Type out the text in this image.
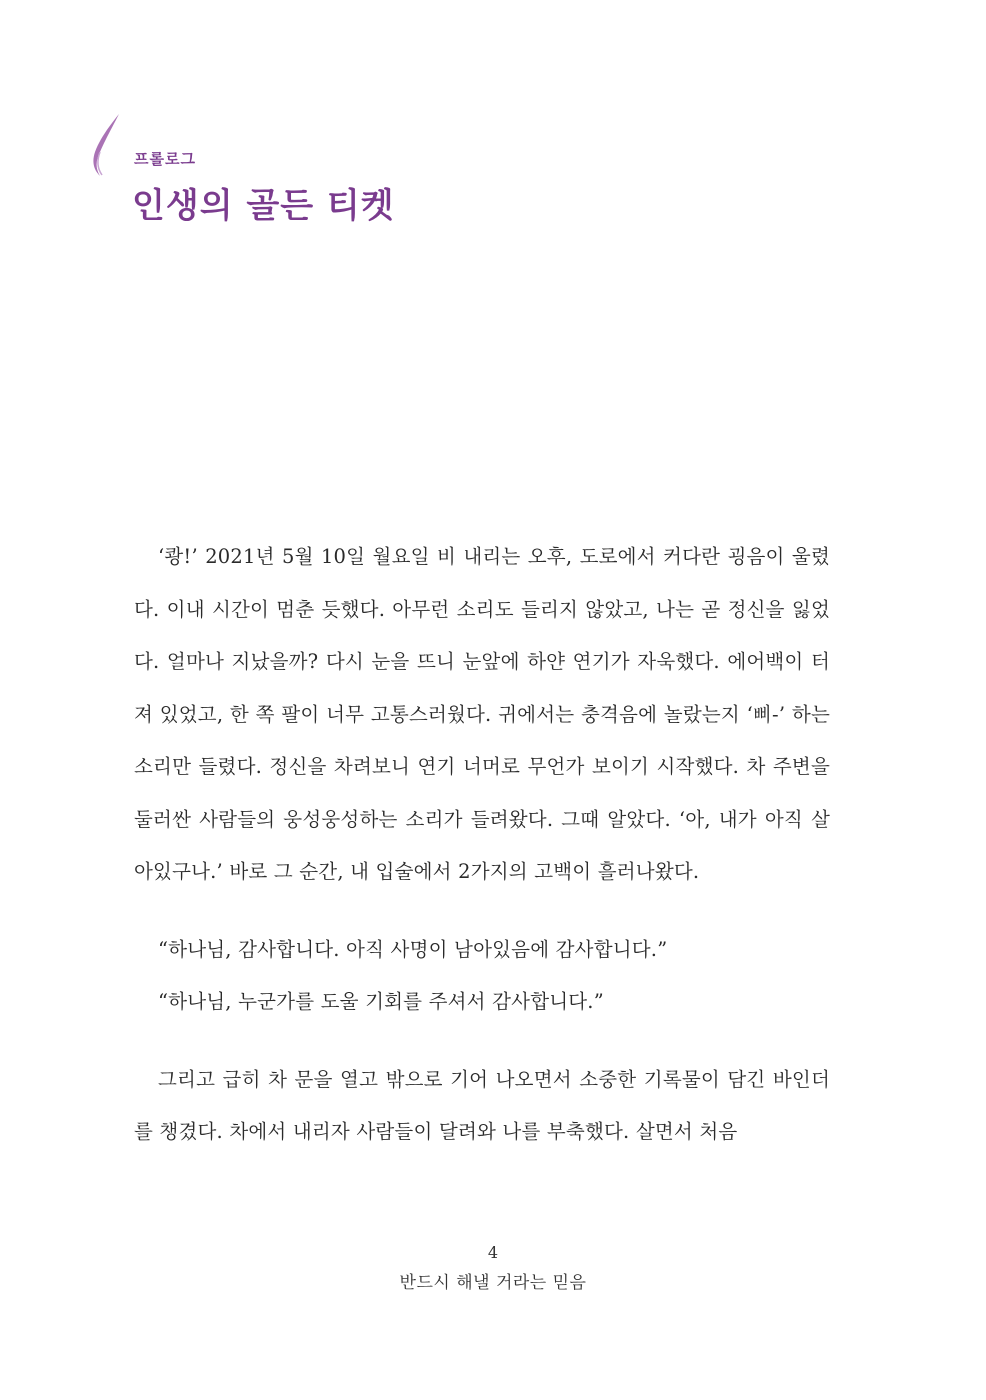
프롤로그
인생의 골든 티켓

‘쾅!’ 2021년 5월 10일 월요일 비 내리는 오후, 도로에서 커다란 굉음이 울렸다. 이내 시간이 멈춘 듯했다. 아무런 소리도 들리지 않았고, 나는 곧 정신을 잃었다. 얼마나 지났을까? 다시 눈을 뜨니 눈앞에 하얀 연기가 자욱했다. 에어백이 터져 있었고, 한 쪽 팔이 너무 고통스러웠다. 귀에서는 충격음에 놀랐는지 ‘삐-’ 하는 소리만 들렸다. 정신을 차려보니 연기 너머로 무언가 보이기 시작했다. 차 주변을 둘러싼 사람들의 웅성웅성하는 소리가 들려왔다. 그때 알았다. ‘아, 내가 아직 살아있구나.’ 바로 그 순간, 내 입술에서 2가지의 고백이 흘러나왔다.

“하나님, 감사합니다. 아직 사명이 남아있음에 감사합니다.”

“하나님, 누군가를 도울 기회를 주셔서 감사합니다.”

그리고 급히 차 문을 열고 밖으로 기어 나오면서 소중한 기록물이 담긴 바인더를 챙겼다. 차에서 내리자 사람들이 달려와 나를 부축했다. 살면서 처음

4
반드시 해낼 거라는 믿음
